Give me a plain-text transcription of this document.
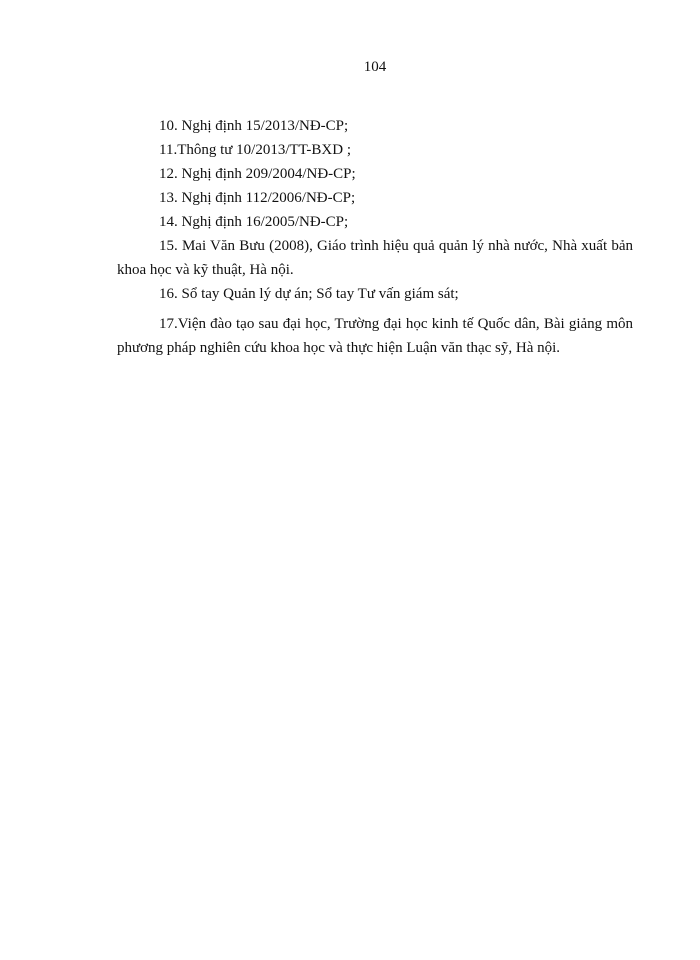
104

10. Nghị định 15/2013/NĐ-CP;

11.Thông tư 10/2013/TT-BXD ;

12. Nghị định 209/2004/NĐ-CP;

13. Nghị định 112/2006/NĐ-CP;

14. Nghị định 16/2005/NĐ-CP;

15. Mai Văn Bưu (2008), Giáo trình hiệu quả quản lý nhà nước, Nhà xuất bản khoa học và kỹ thuật, Hà nội.

16. Sổ tay Quản lý dự án; Sổ tay Tư vấn giám sát;

17.Viện đào tạo sau đại học, Trường đại học kinh tế Quốc dân, Bài giảng môn phương pháp nghiên cứu khoa học và thực hiện Luận văn thạc sỹ, Hà nội.
